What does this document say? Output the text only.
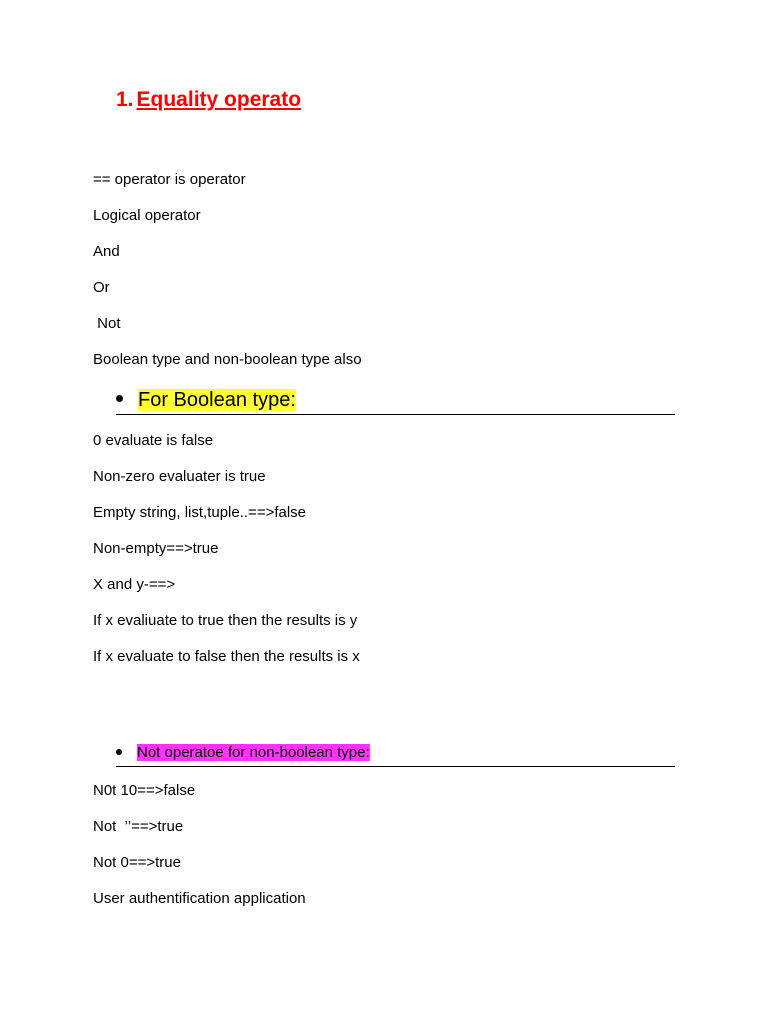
1. Equality operato
== operator is operator
Logical operator
And
Or
Not
Boolean type and non-boolean type also
For Boolean type:
0 evaluate is false
Non-zero evaluater is true
Empty string, list,tuple..==>false
Non-empty==>true
X and y-==>
If x evaliuate to true then the results is y
If x evaluate to false then the results is x
Not operatoe for non-boolean type:
N0t 10==>false
Not  ’’==>true
Not 0==>true
User authentification application
